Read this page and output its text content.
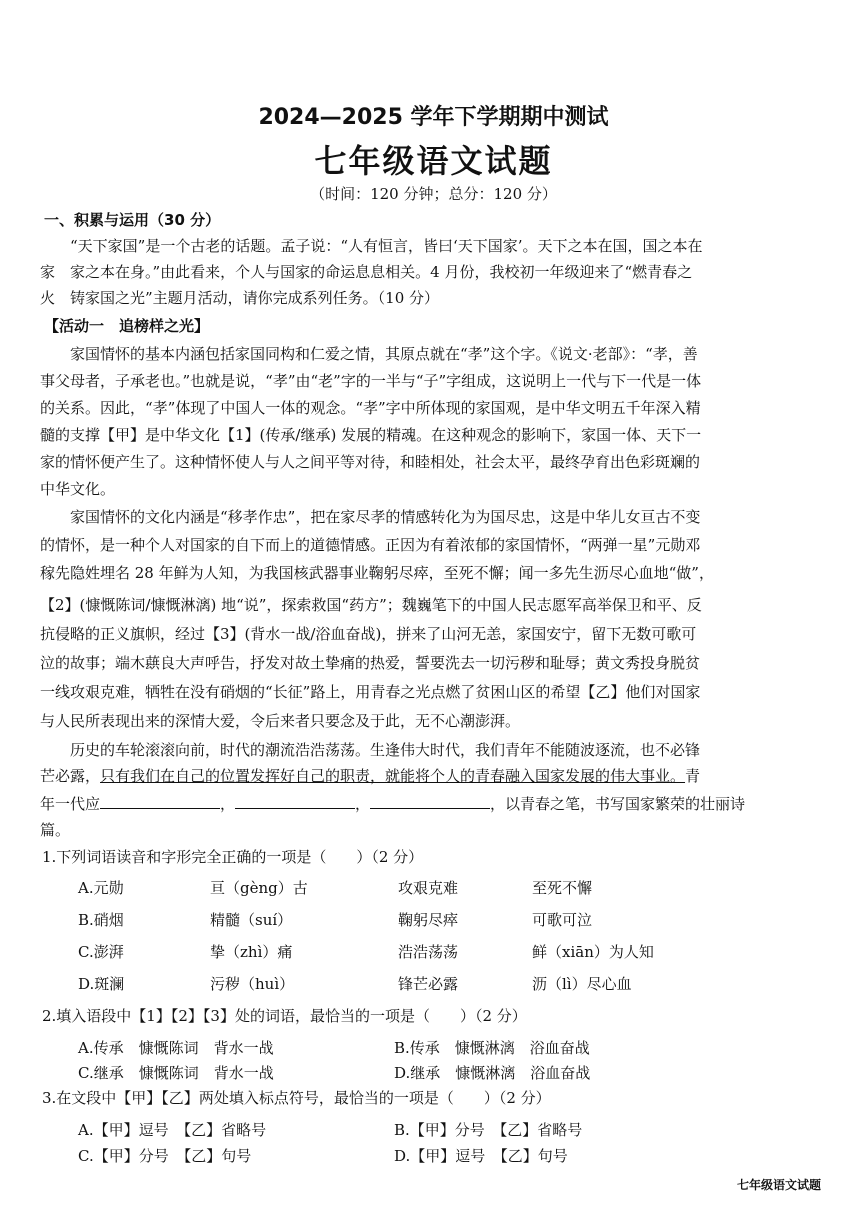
2024—2025 学年下学期期中测试
七年级语文试题
（时间：120 分钟；总分：120 分）
一、积累与运用（30 分）
“天下家国”是一个古老的话题。孟子说：“人有恒言，皆曰‘天下国家’。天下之本在国，国之本在
家　家之本在身。”由此看来，个人与国家的命运息息相关。4 月份，我校初一年级迎来了“燃青春之
火　铸家国之光”主题月活动，请你完成系列任务。（10 分）
【活动一　追榜样之光】
家国情怀的基本内涵包括家国同构和仁爱之情，其原点就在“孝”这个字。《说文·老部》：“孝，善
事父母者，子承老也。”也就是说，“孝”由“老”字的一半与“子”字组成，这说明上一代与下一代是一体
的关系。因此，“孝”体现了中国人一体的观念。“孝”字中所体现的家国观，是中华文明五千年深入精
髓的支撑【甲】是中华文化【1】(传承/继承) 发展的精魂。在这种观念的影响下，家国一体、天下一
家的情怀便产生了。这种情怀使人与人之间平等对待，和睦相处，社会太平，最终孕育出色彩斑斓的
中华文化。
家国情怀的文化内涵是“移孝作忠”，把在家尽孝的情感转化为为国尽忠，这是中华儿女亘古不变
的情怀，是一种个人对国家的自下而上的道德情感。正因为有着浓郁的家国情怀，“两弹一星”元勋邓
稼先隐姓埋名 28 年鲜为人知，为我国核武器事业鞠躬尽瘁，至死不懈；闻一多先生沥尽心血地“做”，
【2】(慷慨陈词/慷慨淋漓) 地“说”，探索救国“药方”；魏巍笔下的中国人民志愿军高举保卫和平、反
抗侵略的正义旗帜，经过【3】(背水一战/浴血奋战)，拼来了山河无恙，家国安宁，留下无数可歌可
泣的故事；端木蕻良大声呼告，抒发对故土挚痛的热爱，誓要洗去一切污秽和耻辱；黄文秀投身脱贫
一线攻艰克难，牺牲在没有硝烟的“长征”路上，用青春之光点燃了贫困山区的希望【乙】他们对国家
与人民所表现出来的深情大爱，令后来者只要念及于此，无不心潮澎湃。
历史的车轮滚滚向前，时代的潮流浩浩荡荡。生逢伟大时代，我们青年不能随波逐流，也不必锋
芒必露，只有我们在自己的位置发挥好自己的职责，就能将个人的青春融入国家发展的伟大事业。青
年一代应	，	，	，以青春之笔，书写国家繁荣的壮丽诗
篇。
1.下列词语读音和字形完全正确的一项是（　　）（2 分）
A.元勋	亘（gèng）古	攻艰克难	至死不懈
B.硝烟	精髓（suí）	鞠躬尽瘁	可歌可泣
C.澎湃	挚（zhì）痛	浩浩荡荡	鲜（xiān）为人知
D.斑澜	污秽（huì）	锋芒必露	沥（lì）尽心血
2.填入语段中【1】【2】【3】处的词语，最恰当的一项是（　　）（2 分）
A.传承　慷慨陈词　背水一战	B.传承　慷慨淋漓　浴血奋战
C.继承　慷慨陈词　背水一战	D.继承　慷慨淋漓　浴血奋战
3.在文段中【甲】【乙】两处填入标点符号，最恰当的一项是（　　）（2 分）
A.【甲】逗号　【乙】省略号	B.【甲】分号　【乙】省略号
C.【甲】分号　【乙】句号	D.【甲】逗号　【乙】句号
七年级语文试题
